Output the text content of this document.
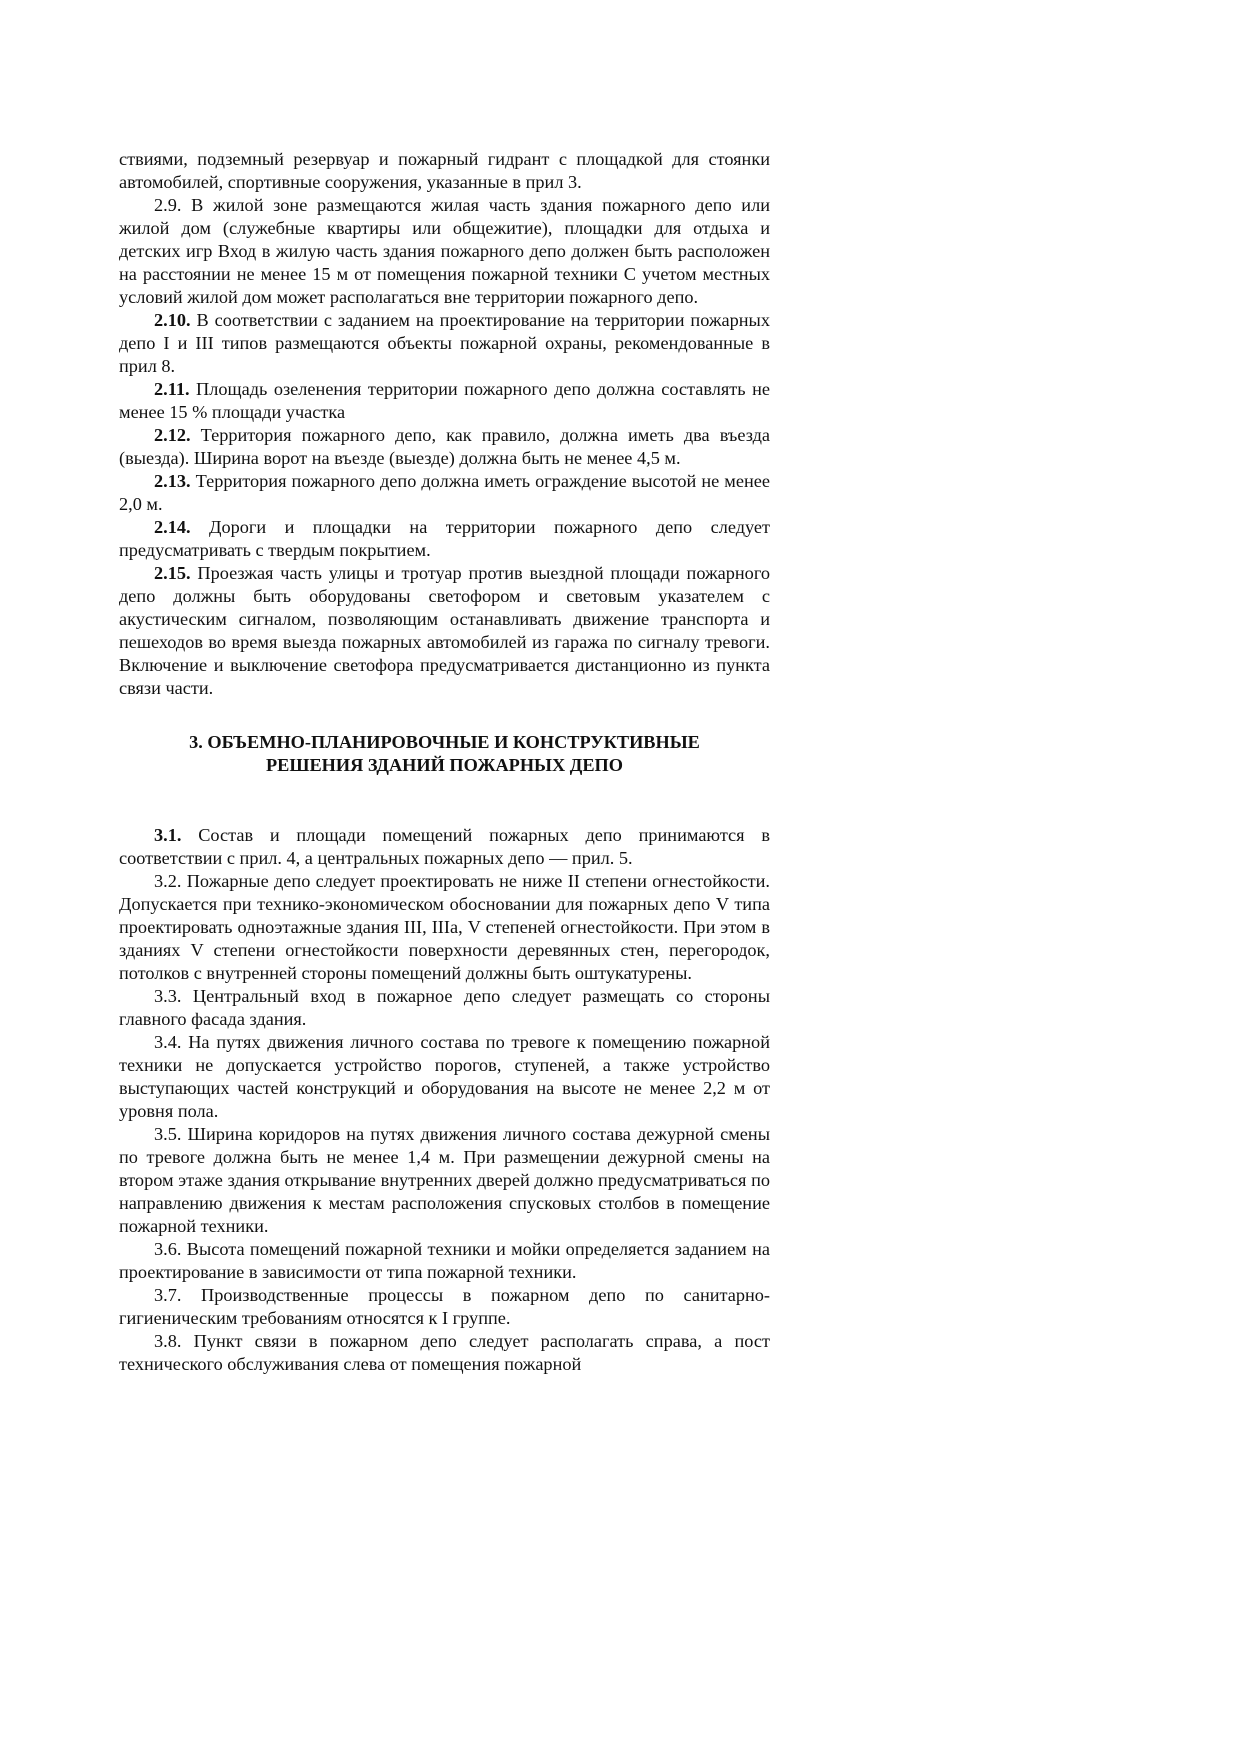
ствиями, подземный резервуар и пожарный гидрант с площадкой для стоянки автомобилей, спортивные сооружения, указанные в прил 3.

2.9. В жилой зоне размещаются жилая часть здания пожарного депо или жилой дом (служебные квартиры или общежитие), площадки для отдыха и детских игр Вход в жилую часть здания пожарного депо должен быть расположен на расстоянии не менее 15 м от помещения пожарной техники С учетом местных условий жилой дом может располагаться вне территории пожарного депо.

2.10. В соответствии с заданием на проектирование на территории пожарных депо I и III типов размещаются объекты пожарной охраны, рекомендованные в прил 8.

2.11. Площадь озеленения территории пожарного депо должна составлять не менее 15 % площади участка

2.12. Территория пожарного депо, как правило, должна иметь два въезда (выезда). Ширина ворот на въезде (выезде) должна быть не менее 4,5 м.

2.13. Территория пожарного депо должна иметь ограждение высотой не менее 2,0 м.

2.14. Дороги и площадки на территории пожарного депо следует предусматривать с твердым покрытием.

2.15. Проезжая часть улицы и тротуар против выездной площади пожарного депо должны быть оборудованы светофором и световым указателем с акустическим сигналом, позволяющим останавливать движение транспорта и пешеходов во время выезда пожарных автомобилей из гаража по сигналу тревоги. Включение и выключение светофора предусматривается дистанционно из пункта связи части.

3. ОБЪЕМНО-ПЛАНИРОВОЧНЫЕ И КОНСТРУКТИВНЫЕ
РЕШЕНИЯ ЗДАНИЙ ПОЖАРНЫХ ДЕПО

3.1. Состав и площади помещений пожарных депо принимаются в соответствии с прил. 4, а центральных пожарных депо — прил. 5.

3.2. Пожарные депо следует проектировать не ниже II степени огнестойкости. Допускается при технико-экономическом обосновании для пожарных депо V типа проектировать одноэтажные здания III, IIIа, V степеней огнестойкости. При этом в зданиях V степени огнестойкости поверхности деревянных стен, перегородок, потолков с внутренней стороны помещений должны быть оштукатурены.

3.3. Центральный вход в пожарное депо следует размещать со стороны главного фасада здания.

3.4. На путях движения личного состава по тревоге к помещению пожарной техники не допускается устройство порогов, ступеней, а также устройство выступающих частей конструкций и оборудования на высоте не менее 2,2 м от уровня пола.

3.5. Ширина коридоров на путях движения личного состава дежурной смены по тревоге должна быть не менее 1,4 м. При размещении дежурной смены на втором этаже здания открывание внутренних дверей должно предусматриваться по направлению движения к местам расположения спусковых столбов в помещение пожарной техники.

3.6. Высота помещений пожарной техники и мойки определяется заданием на проектирование в зависимости от типа пожарной техники.

3.7. Производственные процессы в пожарном депо по санитарно-гигиеническим требованиям относятся к I группе.

3.8. Пункт связи в пожарном депо следует располагать справа, а пост технического обслуживания слева от помещения пожарной
